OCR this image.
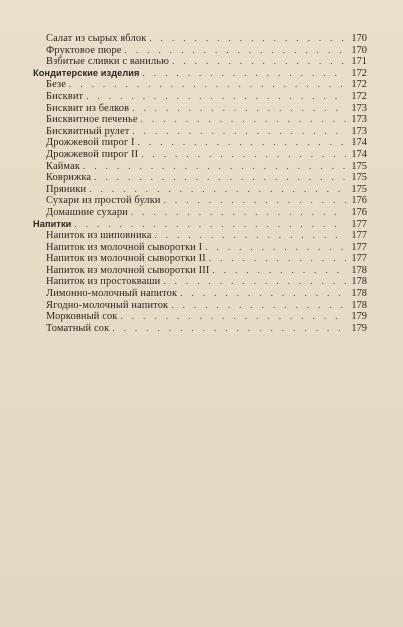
Салат из сырых яблок . . .	170
Фруктовое пюре . . .	170
Взбитые сливки с ванилью . . .	171
Кондитерские изделия . . .	172
Безе . . .	172
Бисквит . . .	172
Бисквит из белков . . .	173
Бисквитное печенье . . .	173
Бисквитный рулет . . .	173
Дрожжевой пирог I . . .	174
Дрожжевой пирог II . . .	174
Каймак . . .	175
Коврижка . . .	175
Пряники . . .	175
Сухари из простой булки . . .	176
Домашние сухари . . .	176
Напитки . . .	177
Напиток из шиповника . . .	177
Напиток из молочной сыворотки I . . .	177
Напиток из молочной сыворотки II . . .	177
Напиток из молочной сыворотки III . . .	178
Напиток из простокваши . . .	178
Лимонно-молочный напиток . . .	178
Ягодно-молочный напиток . . .	178
Морковный сок . . .	179
Томатный сок . . .	179
